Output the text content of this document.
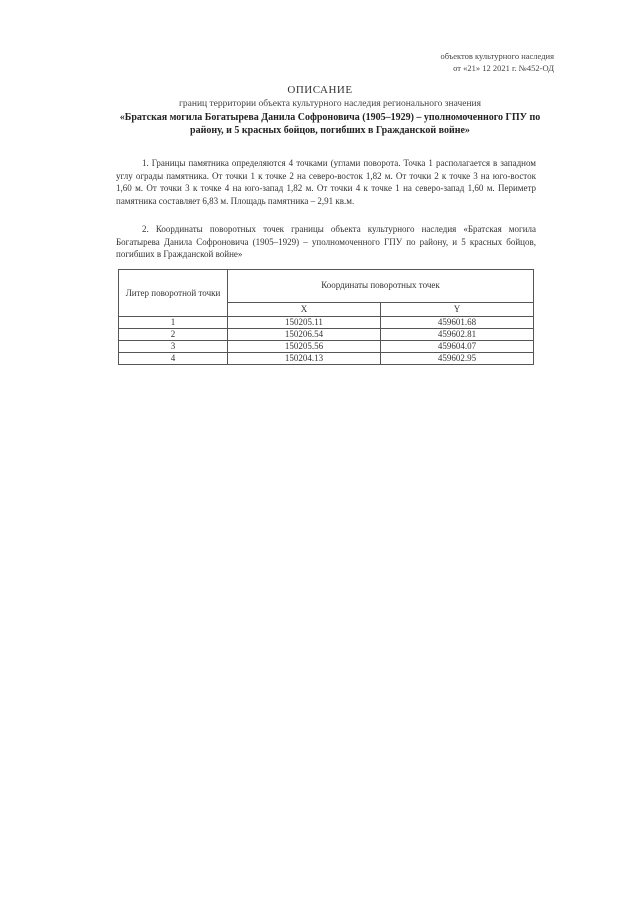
объектов культурного наследия
от «21» 12 2021 г. №452-ОД
ОПИСАНИЕ
границ территории объекта культурного наследия регионального значения
«Братская могила Богатырева Данила Софроновича (1905–1929) – уполномоченного ГПУ по району, и 5 красных бойцов, погибших в Гражданской войне»
1. Границы памятника определяются 4 точками (углами поворота. Точка 1 располагается в западном углу ограды памятника. От точки 1 к точке 2 на северо-восток 1,82 м. От точки 2 к точке 3 на юго-восток 1,60 м. От точки 3 к точке 4 на юго-запад 1,82 м. От точки 4 к точке 1 на северо-запад 1,60 м. Периметр памятника составляет 6,83 м. Площадь памятника – 2,91 кв.м.
2. Координаты поворотных точек границы объекта культурного наследия «Братская могила Богатырева Данила Софроновича (1905–1929) – уполномоченного ГПУ по району, и 5 красных бойцов, погибших в Гражданской войне»
Литер поворотной точки	Координаты поворотных точек	
	X	Y
1	150205.11	459601.68
2	150206.54	459602.81
3	150205.56	459604.07
4	150204.13	459602.95
